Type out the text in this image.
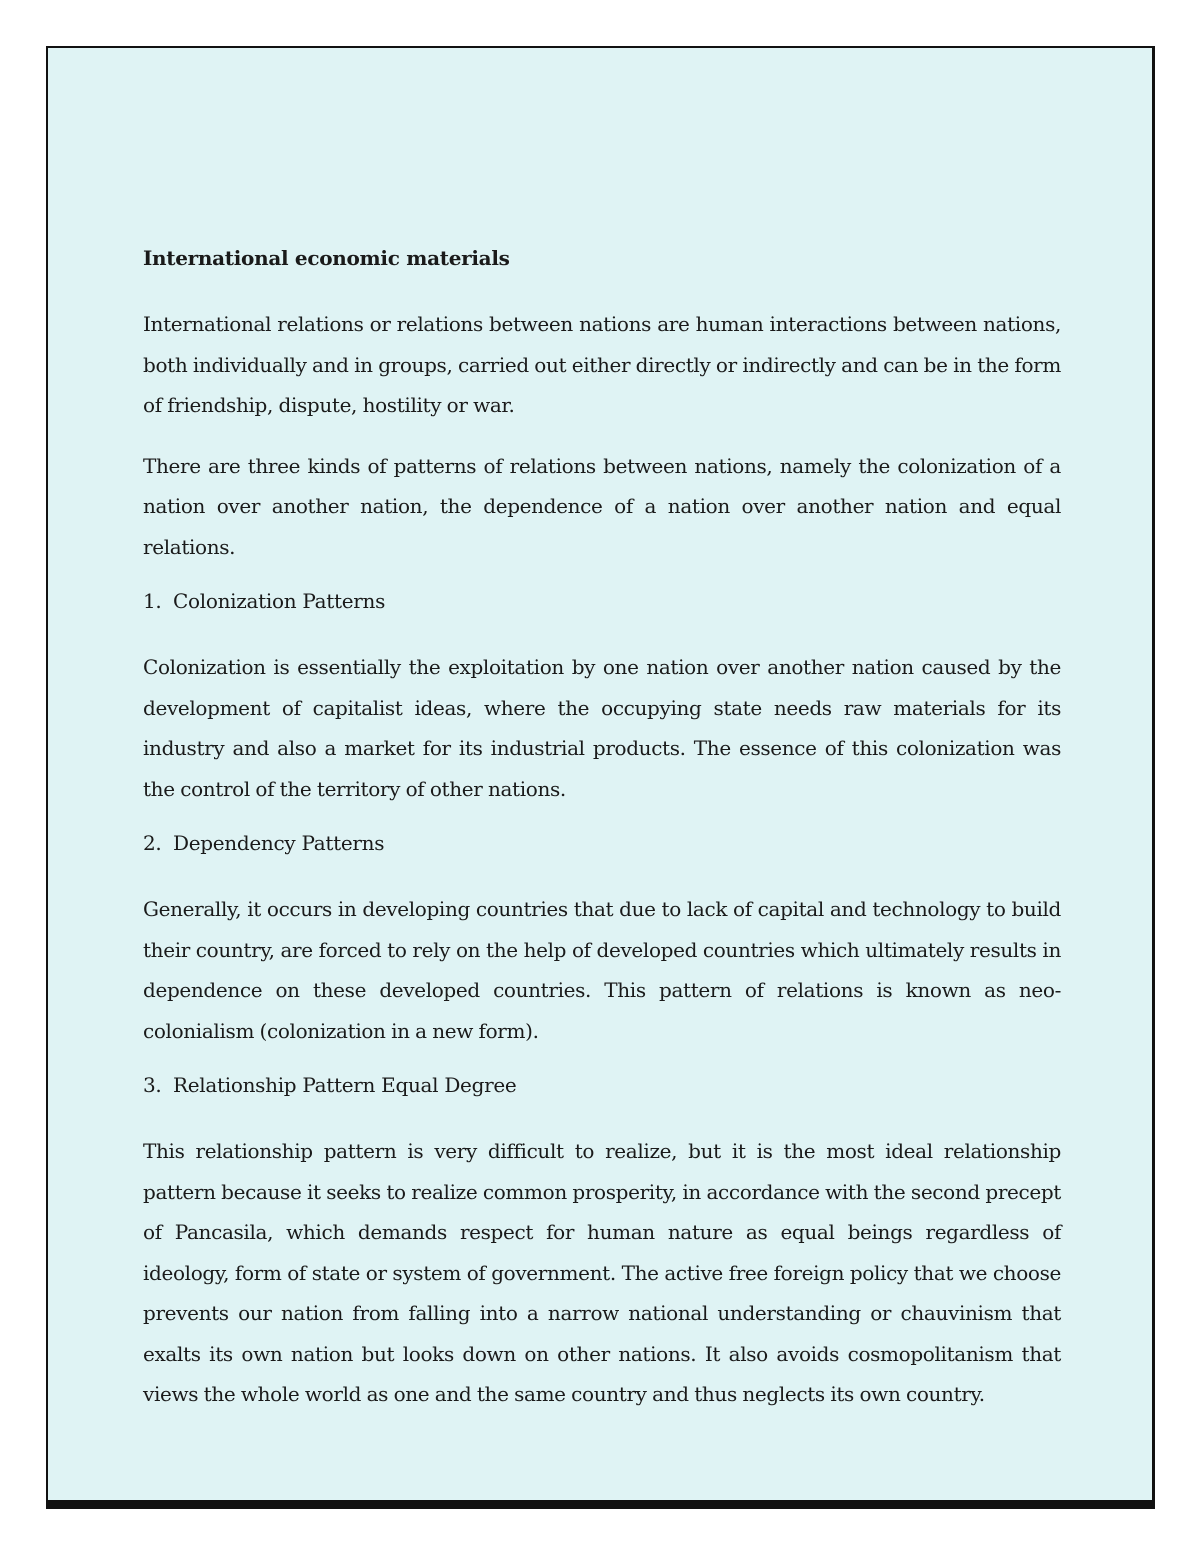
International economic materials

International relations or relations between nations are human interactions between nations, both individually and in groups, carried out either directly or indirectly and can be in the form of friendship, dispute, hostility or war.

There are three kinds of patterns of relations between nations, namely the colonization of a nation over another nation, the dependence of a nation over another nation and equal relations.

1. Colonization Patterns

Colonization is essentially the exploitation by one nation over another nation caused by the development of capitalist ideas, where the occupying state needs raw materials for its industry and also a market for its industrial products. The essence of this colonization was the control of the territory of other nations.

2. Dependency Patterns

Generally, it occurs in developing countries that due to lack of capital and technology to build their country, are forced to rely on the help of developed countries which ultimately results in dependence on these developed countries. This pattern of relations is known as neo-colonialism (colonization in a new form).

3. Relationship Pattern Equal Degree

This relationship pattern is very difficult to realize, but it is the most ideal relationship pattern because it seeks to realize common prosperity, in accordance with the second precept of Pancasila, which demands respect for human nature as equal beings regardless of ideology, form of state or system of government. The active free foreign policy that we choose prevents our nation from falling into a narrow national understanding or chauvinism that exalts its own nation but looks down on other nations. It also avoids cosmopolitanism that views the whole world as one and the same country and thus neglects its own country.
